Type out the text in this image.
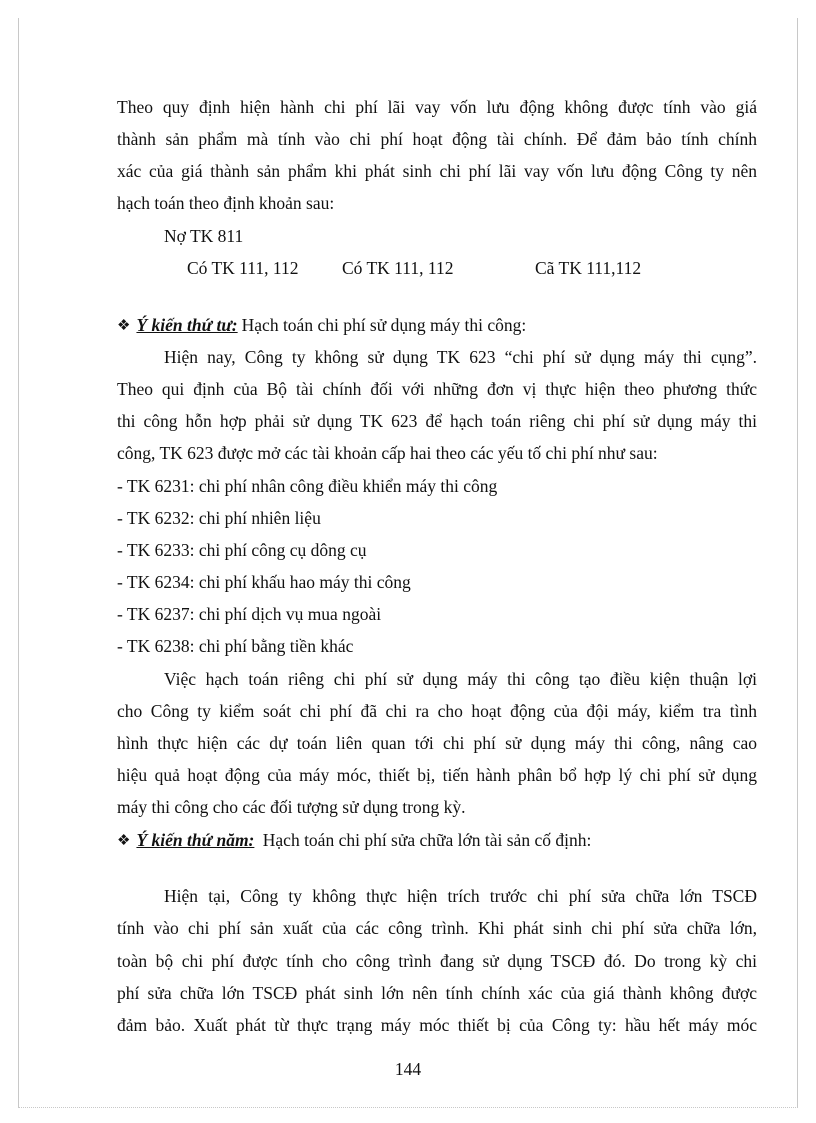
Theo quy định hiện hành chi phí lãi vay vốn lưu động không được tính vào giá
thành sản phẩm mà tính vào chi phí hoạt động tài chính. Để đảm bảo tính chính
xác của giá thành sản phẩm khi phát sinh chi phí lãi vay vốn lưu động Công ty nên
hạch toán theo định khoản sau:
Nợ TK 811
Có TK 111, 112 Có TK 111, 112	Cã TK 111,112
❖ Ý kiến thứ tư: Hạch toán chi phí sử dụng máy thi công:
Hiện nay, Công ty không sử dụng TK 623 “chi phí sử dụng máy thi cụng”.
Theo qui định của Bộ tài chính đối với những đơn vị thực hiện theo phương thức
thi công hỗn hợp phải sử dụng TK 623 để hạch toán riêng chi phí sử dụng máy thi
công, TK 623 được mở các tài khoản cấp hai theo các yếu tố chi phí như sau:
- TK 6231: chi phí nhân công điều khiển máy thi công
- TK 6232: chi phí nhiên liệu
- TK 6233: chi phí công cụ dông cụ
- TK 6234: chi phí khấu hao máy thi công
- TK 6237: chi phí dịch vụ mua ngoài
- TK 6238: chi phí bằng tiền khác
Việc hạch toán riêng chi phí sử dụng máy thi công tạo điều kiện thuận lợi
cho Công ty kiểm soát chi phí đã chi ra cho hoạt động của đội máy, kiểm tra tình
hình thực hiện các dự toán liên quan tới chi phí sử dụng máy thi công, nâng cao
hiệu quả hoạt động của máy móc, thiết bị, tiến hành phân bổ hợp lý chi phí sử dụng
máy thi công cho các đối tượng sử dụng trong kỳ.
❖ Ý kiến thứ năm: Hạch toán chi phí sửa chữa lớn tài sản cố định:
Hiện tại, Công ty không thực hiện trích trước chi phí sửa chữa lớn TSCĐ
tính vào chi phí sản xuất của các công trình. Khi phát sinh chi phí sửa chữa lớn,
toàn bộ chi phí được tính cho công trình đang sử dụng TSCĐ đó. Do trong kỳ chi
phí sửa chữa lớn TSCĐ phát sinh lớn nên tính chính xác của giá thành không được
đảm bảo. Xuất phát từ thực trạng máy móc thiết bị của Công ty: hầu hết máy móc
144
